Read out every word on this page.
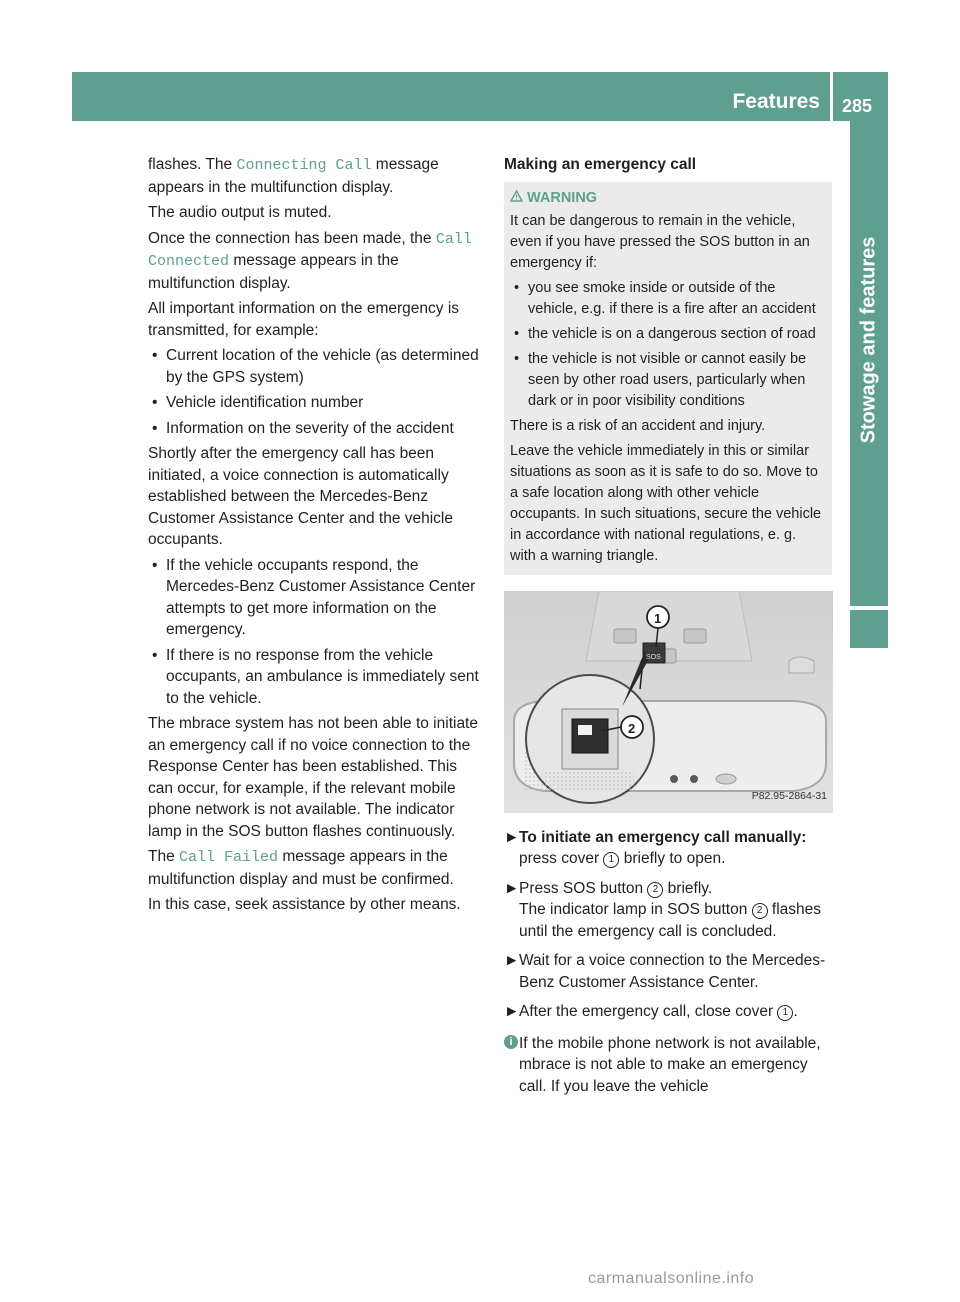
Features 285
Stowage and features

flashes. The Connecting Call message appears in the multifunction display.

The audio output is muted.

Once the connection has been made, the Call Connected message appears in the multifunction display.

All important information on the emergency is transmitted, for example:

• Current location of the vehicle (as determined by the GPS system)
• Vehicle identification number
• Information on the severity of the accident

Shortly after the emergency call has been initiated, a voice connection is automatically established between the Mercedes-Benz Customer Assistance Center and the vehicle occupants.

• If the vehicle occupants respond, the Mercedes-Benz Customer Assistance Center attempts to get more information on the emergency.
• If there is no response from the vehicle occupants, an ambulance is immediately sent to the vehicle.

The mbrace system has not been able to initiate an emergency call if no voice connection to the Response Center has been established. This can occur, for example, if the relevant mobile phone network is not available. The indicator lamp in the SOS button flashes continuously.

The Call Failed message appears in the multifunction display and must be confirmed.

In this case, seek assistance by other means.

Making an emergency call
WARNING

It can be dangerous to remain in the vehicle, even if you have pressed the SOS button in an emergency if:

• you see smoke inside or outside of the vehicle, e.g. if there is a fire after an accident
• the vehicle is on a dangerous section of road
• the vehicle is not visible or cannot easily be seen by other road users, particularly when dark or in poor visibility conditions

There is a risk of an accident and injury.

Leave the vehicle immediately in this or similar situations as soon as it is safe to do so. Move to a safe location along with other vehicle occupants. In such situations, secure the vehicle in accordance with national regulations, e. g. with a warning triangle.

1
2
SOS
P82.95-2864-31
► To initiate an emergency call manually: press cover 1 briefly to open.
► Press SOS button 2 briefly.
The indicator lamp in SOS button 2 flashes until the emergency call is concluded.
► Wait for a voice connection to the Mercedes-Benz Customer Assistance Center.
► After the emergency call, close cover 1 .
i If the mobile phone network is not available, mbrace is not able to make an emergency call. If you leave the vehicle
carmanualsonline.info
